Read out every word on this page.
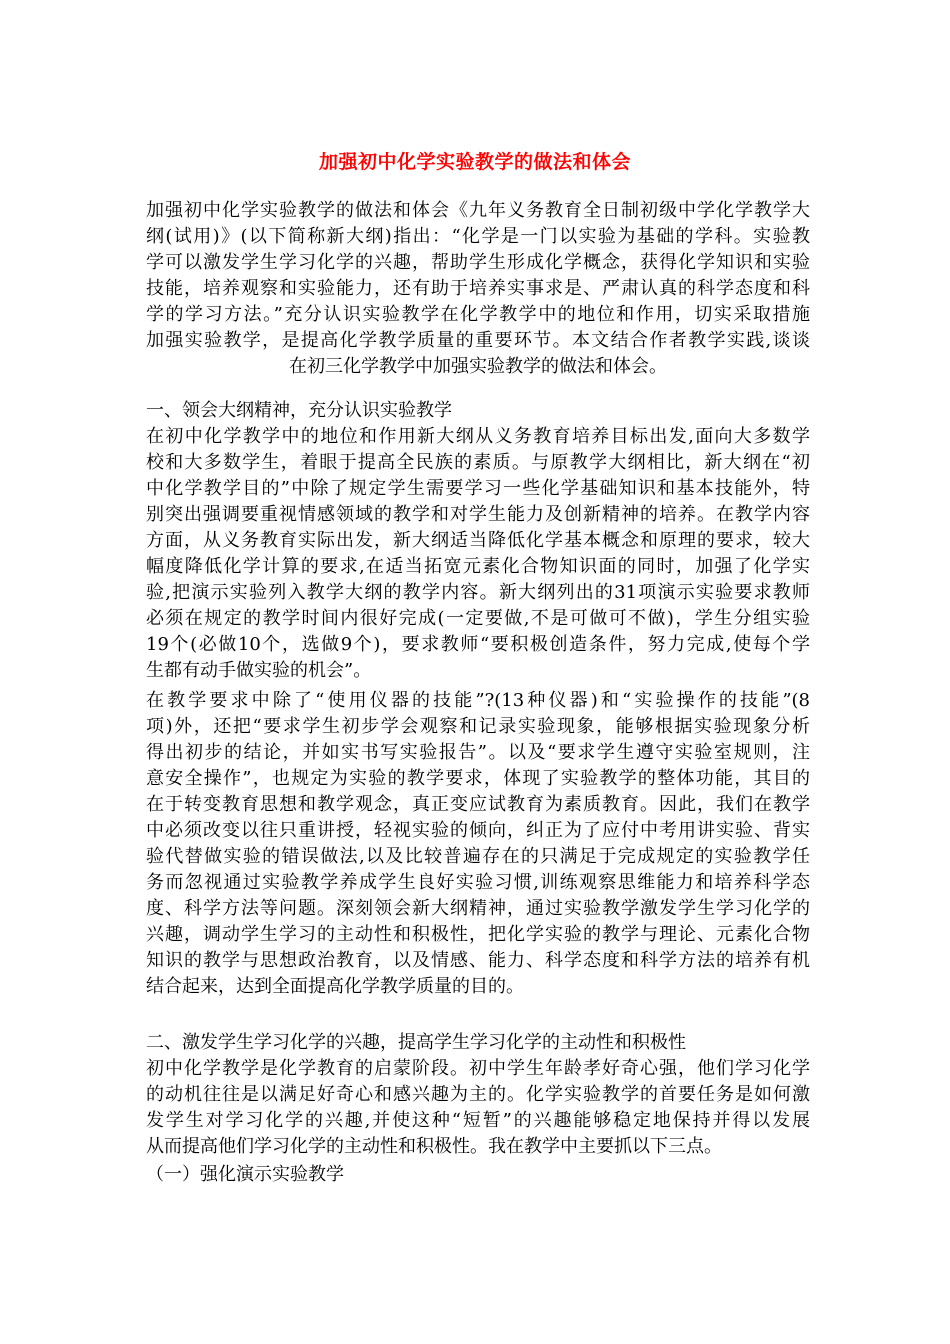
加强初中化学实验教学的做法和体会
加强初中化学实验教学的做法和体会《九年义务教育全日制初级中学化学教学大
纲(试用)》(以下简称新大纲)指出：“化学是一门以实验为基础的学科。实验教
学可以激发学生学习化学的兴趣，帮助学生形成化学概念，获得化学知识和实验
技能，培养观察和实验能力，还有助于培养实事求是、严肃认真的科学态度和科
学的学习方法。”充分认识实验教学在化学教学中的地位和作用，切实采取措施
加强实验教学，是提高化学教学质量的重要环节。本文结合作者教学实践,谈谈
在初三化学教学中加强实验教学的做法和体会。
一、领会大纲精神，充分认识实验教学
在初中化学教学中的地位和作用新大纲从义务教育培养目标出发,面向大多数学
校和大多数学生，着眼于提高全民族的素质。与原教学大纲相比，新大纲在“初
中化学教学目的”中除了规定学生需要学习一些化学基础知识和基本技能外，特
别突出强调要重视情感领域的教学和对学生能力及创新精神的培养。在教学内容
方面，从义务教育实际出发，新大纲适当降低化学基本概念和原理的要求，较大
幅度降低化学计算的要求,在适当拓宽元素化合物知识面的同时，加强了化学实
验,把演示实验列入教学大纲的教学内容。新大纲列出的31项演示实验要求教师
必须在规定的教学时间内很好完成(一定要做,不是可做可不做)，学生分组实验
19个(必做10个，选做9个)，要求教师“要积极创造条件，努力完成,使每个学
生都有动手做实验的机会”。
在教学要求中除了“使用仪器的技能”?(13种仪器)和“实验操作的技能”(8
项)外，还把“要求学生初步学会观察和记录实验现象，能够根据实验现象分析
得出初步的结论，并如实书写实验报告”。以及“要求学生遵守实验室规则，注
意安全操作”，也规定为实验的教学要求，体现了实验教学的整体功能，其目的
在于转变教育思想和教学观念，真正变应试教育为素质教育。因此，我们在教学
中必须改变以往只重讲授，轻视实验的倾向，纠正为了应付中考用讲实验、背实
验代替做实验的错误做法,以及比较普遍存在的只满足于完成规定的实验教学任
务而忽视通过实验教学养成学生良好实验习惯,训练观察思维能力和培养科学态
度、科学方法等问题。深刻领会新大纲精神，通过实验教学激发学生学习化学的
兴趣，调动学生学习的主动性和积极性，把化学实验的教学与理论、元素化合物
知识的教学与思想政治教育，以及情感、能力、科学态度和科学方法的培养有机
结合起来，达到全面提高化学教学质量的目的。
二、激发学生学习化学的兴趣，提高学生学习化学的主动性和积极性
初中化学教学是化学教育的启蒙阶段。初中学生年龄孝好奇心强，他们学习化学
的动机往往是以满足好奇心和感兴趣为主的。化学实验教学的首要任务是如何激
发学生对学习化学的兴趣,并使这种“短暂”的兴趣能够稳定地保持并得以发展
从而提高他们学习化学的主动性和积极性。我在教学中主要抓以下三点。
（一）强化演示实验教学
